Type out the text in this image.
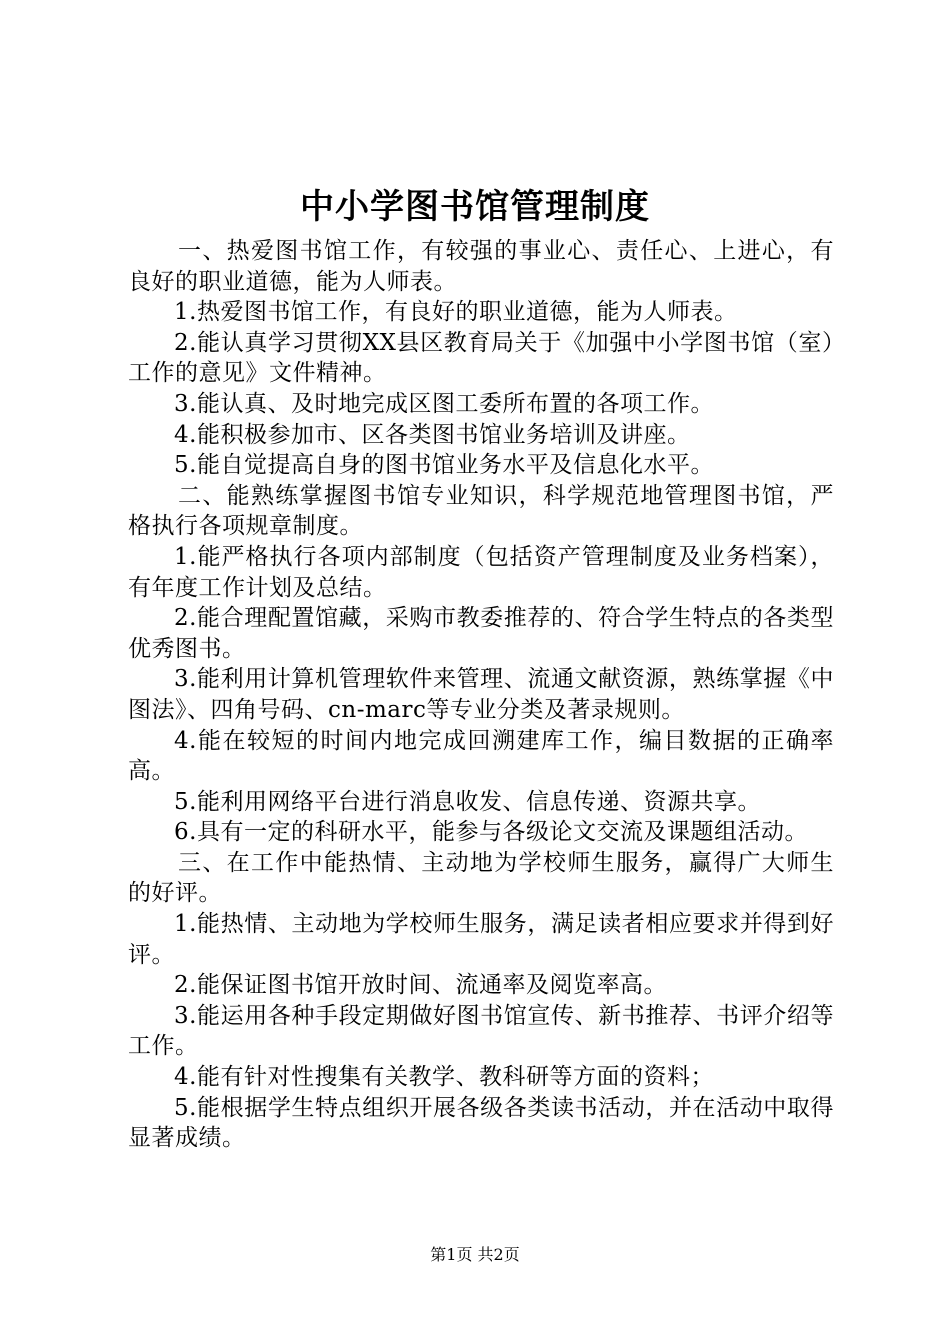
中小学图书馆管理制度

一、热爱图书馆工作，有较强的事业心、责任心、上进心，有良好的职业道德，能为人师表。

1.热爱图书馆工作，有良好的职业道德，能为人师表。

2.能认真学习贯彻XX县区教育局关于《加强中小学图书馆（室）工作的意见》文件精神。

3.能认真、及时地完成区图工委所布置的各项工作。

4.能积极参加市、区各类图书馆业务培训及讲座。

5.能自觉提高自身的图书馆业务水平及信息化水平。

二、能熟练掌握图书馆专业知识，科学规范地管理图书馆，严格执行各项规章制度。

1.能严格执行各项内部制度（包括资产管理制度及业务档案），有年度工作计划及总结。

2.能合理配置馆藏，采购市教委推荐的、符合学生特点的各类型优秀图书。

3.能利用计算机管理软件来管理、流通文献资源，熟练掌握《中图法》、四角号码、cn-marc等专业分类及著录规则。

4.能在较短的时间内地完成回溯建库工作，编目数据的正确率高。

5.能利用网络平台进行消息收发、信息传递、资源共享。

6.具有一定的科研水平，能参与各级论文交流及课题组活动。

三、在工作中能热情、主动地为学校师生服务，赢得广大师生的好评。

1.能热情、主动地为学校师生服务，满足读者相应要求并得到好评。

2.能保证图书馆开放时间、流通率及阅览率高。

3.能运用各种手段定期做好图书馆宣传、新书推荐、书评介绍等工作。

4.能有针对性搜集有关教学、教科研等方面的资料；

5.能根据学生特点组织开展各级各类读书活动，并在活动中取得显著成绩。

第1页 共2页
